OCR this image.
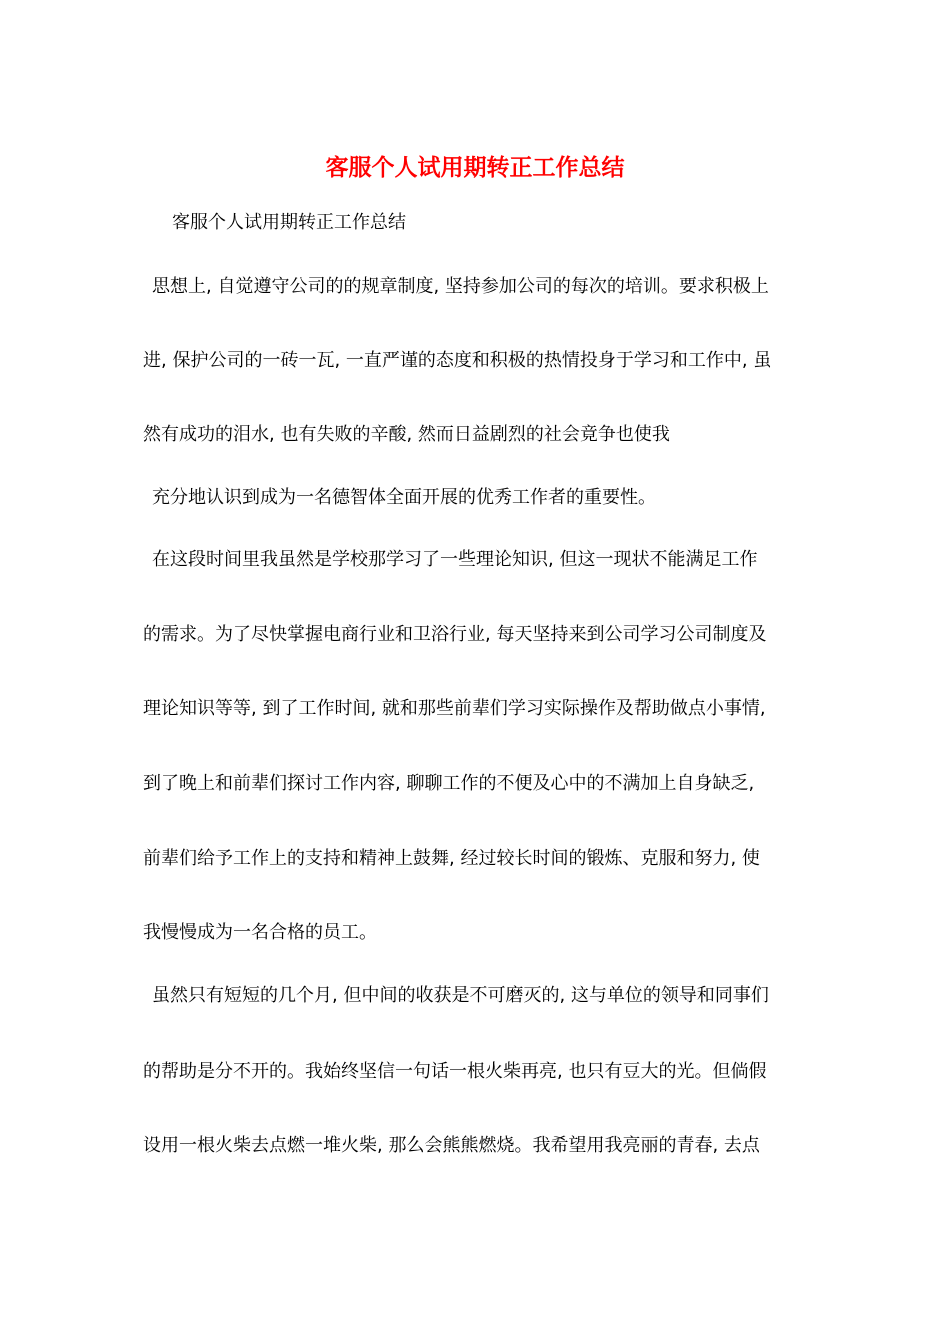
客服个人试用期转正工作总结
客服个人试用期转正工作总结
思想上, 自觉遵守公司的的规章制度, 坚持参加公司的每次的培训。要求积极上
进, 保护公司的一砖一瓦, 一直严谨的态度和积极的热情投身于学习和工作中, 虽
然有成功的泪水, 也有失败的辛酸, 然而日益剧烈的社会竟争也使我
充分地认识到成为一名德智体全面开展的优秀工作者的重要性。
在这段时间里我虽然是学校那学习了一些理论知识, 但这一现状不能满足工作
的需求。为了尽快掌握电商行业和卫浴行业, 每天坚持来到公司学习公司制度及
理论知识等等, 到了工作时间, 就和那些前辈们学习实际操作及帮助做点小事情,
到了晚上和前辈们探讨工作内容, 聊聊工作的不便及心中的不满加上自身缺乏,
前辈们给予工作上的支持和精神上鼓舞, 经过较长时间的锻炼、克服和努力, 使
我慢慢成为一名合格的员工。
虽然只有短短的几个月, 但中间的收获是不可磨灭的, 这与单位的领导和同事们
的帮助是分不开的。我始终坚信一句话一根火柴再亮, 也只有豆大的光。但倘假
设用一根火柴去点燃一堆火柴, 那么会熊熊燃烧。我希望用我亮丽的青春, 去点
